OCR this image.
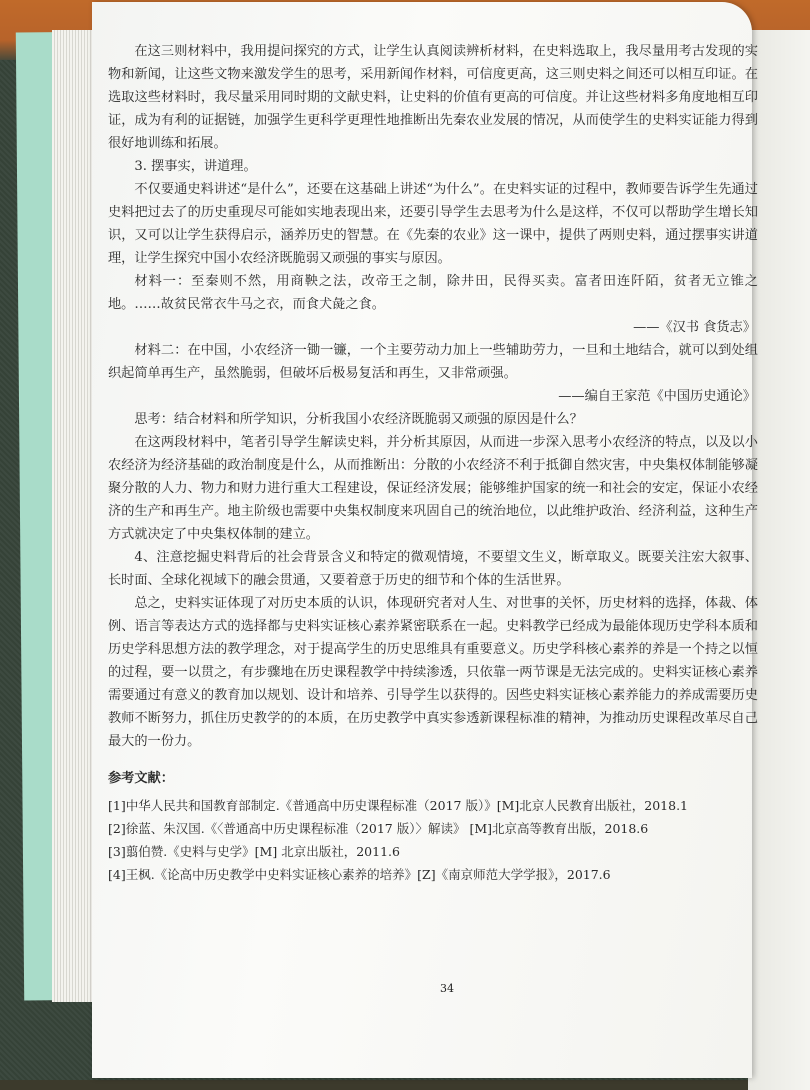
在这三则材料中，我用提问探究的方式，让学生认真阅读辨析材料，在史料选取上，我尽量用考古发现的实物和新闻，让这些文物来激发学生的思考，采用新闻作材料，可信度更高，这三则史料之间还可以相互印证。在选取这些材料时，我尽量采用同时期的文献史料，让史料的价值有更高的可信度。并让这些材料多角度地相互印证，成为有利的证据链，加强学生更科学更理性地推断出先秦农业发展的情况，从而使学生的史料实证能力得到很好地训练和拓展。

3. 摆事实，讲道理。

不仅要通史料讲述“是什么”，还要在这基础上讲述“为什么”。在史料实证的过程中，教师要告诉学生先通过史料把过去了的历史重现尽可能如实地表现出来，还要引导学生去思考为什么是这样，不仅可以帮助学生增长知识，又可以让学生获得启示，涵养历史的智慧。在《先秦的农业》这一课中，提供了两则史料，通过摆事实讲道理，让学生探究中国小农经济既脆弱又顽强的事实与原因。

材料一：至秦则不然，用商鞅之法，改帝王之制，除井田，民得买卖。富者田连阡陌，贫者无立锥之地。……故贫民常衣牛马之衣，而食犬彘之食。

——《汉书 食货志》

材料二：在中国，小农经济一锄一镰，一个主要劳动力加上一些辅助劳力，一旦和土地结合，就可以到处组织起简单再生产，虽然脆弱，但破坏后极易复活和再生，又非常顽强。

——编自王家范《中国历史通论》

思考：结合材料和所学知识，分析我国小农经济既脆弱又顽强的原因是什么？

在这两段材料中，笔者引导学生解读史料，并分析其原因，从而进一步深入思考小农经济的特点，以及以小农经济为经济基础的政治制度是什么，从而推断出：分散的小农经济不利于抵御自然灾害，中央集权体制能够凝聚分散的人力、物力和财力进行重大工程建设，保证经济发展；能够维护国家的统一和社会的安定，保证小农经济的生产和再生产。地主阶级也需要中央集权制度来巩固自己的统治地位，以此维护政治、经济利益，这种生产方式就决定了中央集权体制的建立。

4、注意挖掘史料背后的社会背景含义和特定的微观情境，不要望文生义，断章取义。既要关注宏大叙事、长时面、全球化视域下的融会贯通，又要着意于历史的细节和个体的生活世界。

总之，史料实证体现了对历史本质的认识，体现研究者对人生、对世事的关怀，历史材料的选择，体裁、体例、语言等表达方式的选择都与史料实证核心素养紧密联系在一起。史料教学已经成为最能体现历史学科本质和历史学科思想方法的教学理念，对于提高学生的历史思维具有重要意义。历史学科核心素养的养是一个持之以恒的过程，要一以贯之，有步骤地在历史课程教学中持续渗透，只依靠一两节课是无法完成的。史料实证核心素养需要通过有意义的教育加以规划、设计和培养、引导学生以获得的。因些史料实证核心素养能力的养成需要历史教师不断努力，抓住历史教学的的本质，在历史教学中真实参透新课程标准的精神，为推动历史课程改革尽自己最大的一份力。

参考文献：

[1]中华人民共和国教育部制定.《普通高中历史课程标准（2017 版）》[M]北京人民教育出版社，2018.1

[2]徐蓝、朱汉国.《〈普通高中历史课程标准（2017 版）〉解读》 [M]北京高等教育出版，2018.6

[3]翦伯赞.《史料与史学》[M] 北京出版社，2011.6

[4]王枫.《论高中历史教学中史料实证核心素养的培养》[Z]《南京师范大学学报》，2017.6

34
